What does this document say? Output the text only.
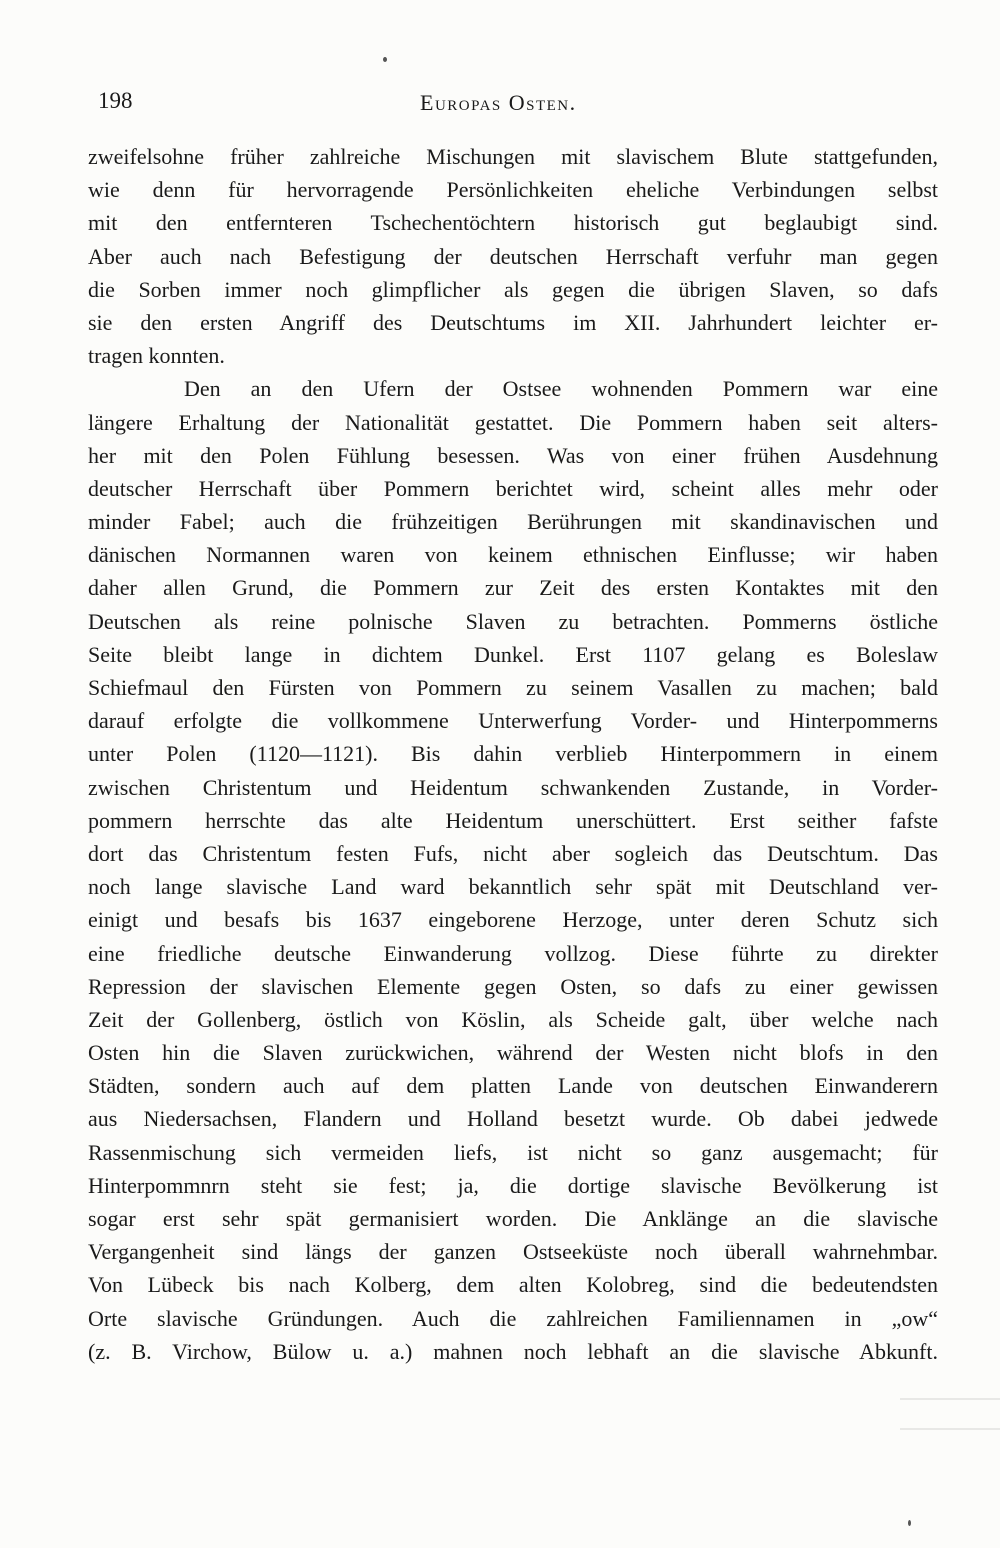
198	Europas Osten.
zweifelsohne früher zahlreiche Mischungen mit slavischem Blute stattgefunden,
wie denn für hervorragende Persönlichkeiten eheliche Verbindungen selbst
mit den entfernteren Tschechentöchtern historisch gut beglaubigt sind.
Aber auch nach Befestigung der deutschen Herrschaft verfuhr man gegen
die Sorben immer noch glimpflicher als gegen die übrigen Slaven, so dafs
sie den ersten Angriff des Deutschtums im XII. Jahrhundert leichter er-
tragen konnten.
Den an den Ufern der Ostsee wohnenden Pommern war eine
längere Erhaltung der Nationalität gestattet. Die Pommern haben seit alters-
her mit den Polen Fühlung besessen. Was von einer frühen Ausdehnung
deutscher Herrschaft über Pommern berichtet wird, scheint alles mehr oder
minder Fabel; auch die frühzeitigen Berührungen mit skandinavischen und
dänischen Normannen waren von keinem ethnischen Einflusse; wir haben
daher allen Grund, die Pommern zur Zeit des ersten Kontaktes mit den
Deutschen als reine polnische Slaven zu betrachten. Pommerns östliche
Seite bleibt lange in dichtem Dunkel. Erst 1107 gelang es Boleslaw
Schiefmaul den Fürsten von Pommern zu seinem Vasallen zu machen; bald
darauf erfolgte die vollkommene Unterwerfung Vorder- und Hinterpommerns
unter Polen (1120—1121). Bis dahin verblieb Hinterpommern in einem
zwischen Christentum und Heidentum schwankenden Zustande, in Vorder-
pommern herrschte das alte Heidentum unerschüttert. Erst seither fafste
dort das Christentum festen Fufs, nicht aber sogleich das Deutschtum. Das
noch lange slavische Land ward bekanntlich sehr spät mit Deutschland ver-
einigt und besafs bis 1637 eingeborene Herzoge, unter deren Schutz sich
eine friedliche deutsche Einwanderung vollzog. Diese führte zu direkter
Repression der slavischen Elemente gegen Osten, so dafs zu einer gewissen
Zeit der Gollenberg, östlich von Köslin, als Scheide galt, über welche nach
Osten hin die Slaven zurückwichen, während der Westen nicht blofs in den
Städten, sondern auch auf dem platten Lande von deutschen Einwanderern
aus Niedersachsen, Flandern und Holland besetzt wurde. Ob dabei jedwede
Rassenmischung sich vermeiden liefs, ist nicht so ganz ausgemacht; für
Hinterpommnrn steht sie fest; ja, die dortige slavische Bevölkerung ist
sogar erst sehr spät germanisiert worden. Die Anklänge an die slavische
Vergangenheit sind längs der ganzen Ostseeküste noch überall wahrnehmbar.
Von Lübeck bis nach Kolberg, dem alten Kolobreg, sind die bedeutendsten
Orte slavische Gründungen. Auch die zahlreichen Familiennamen in „ow“
(z. B. Virchow, Bülow u. a.) mahnen noch lebhaft an die slavische Abkunft.
